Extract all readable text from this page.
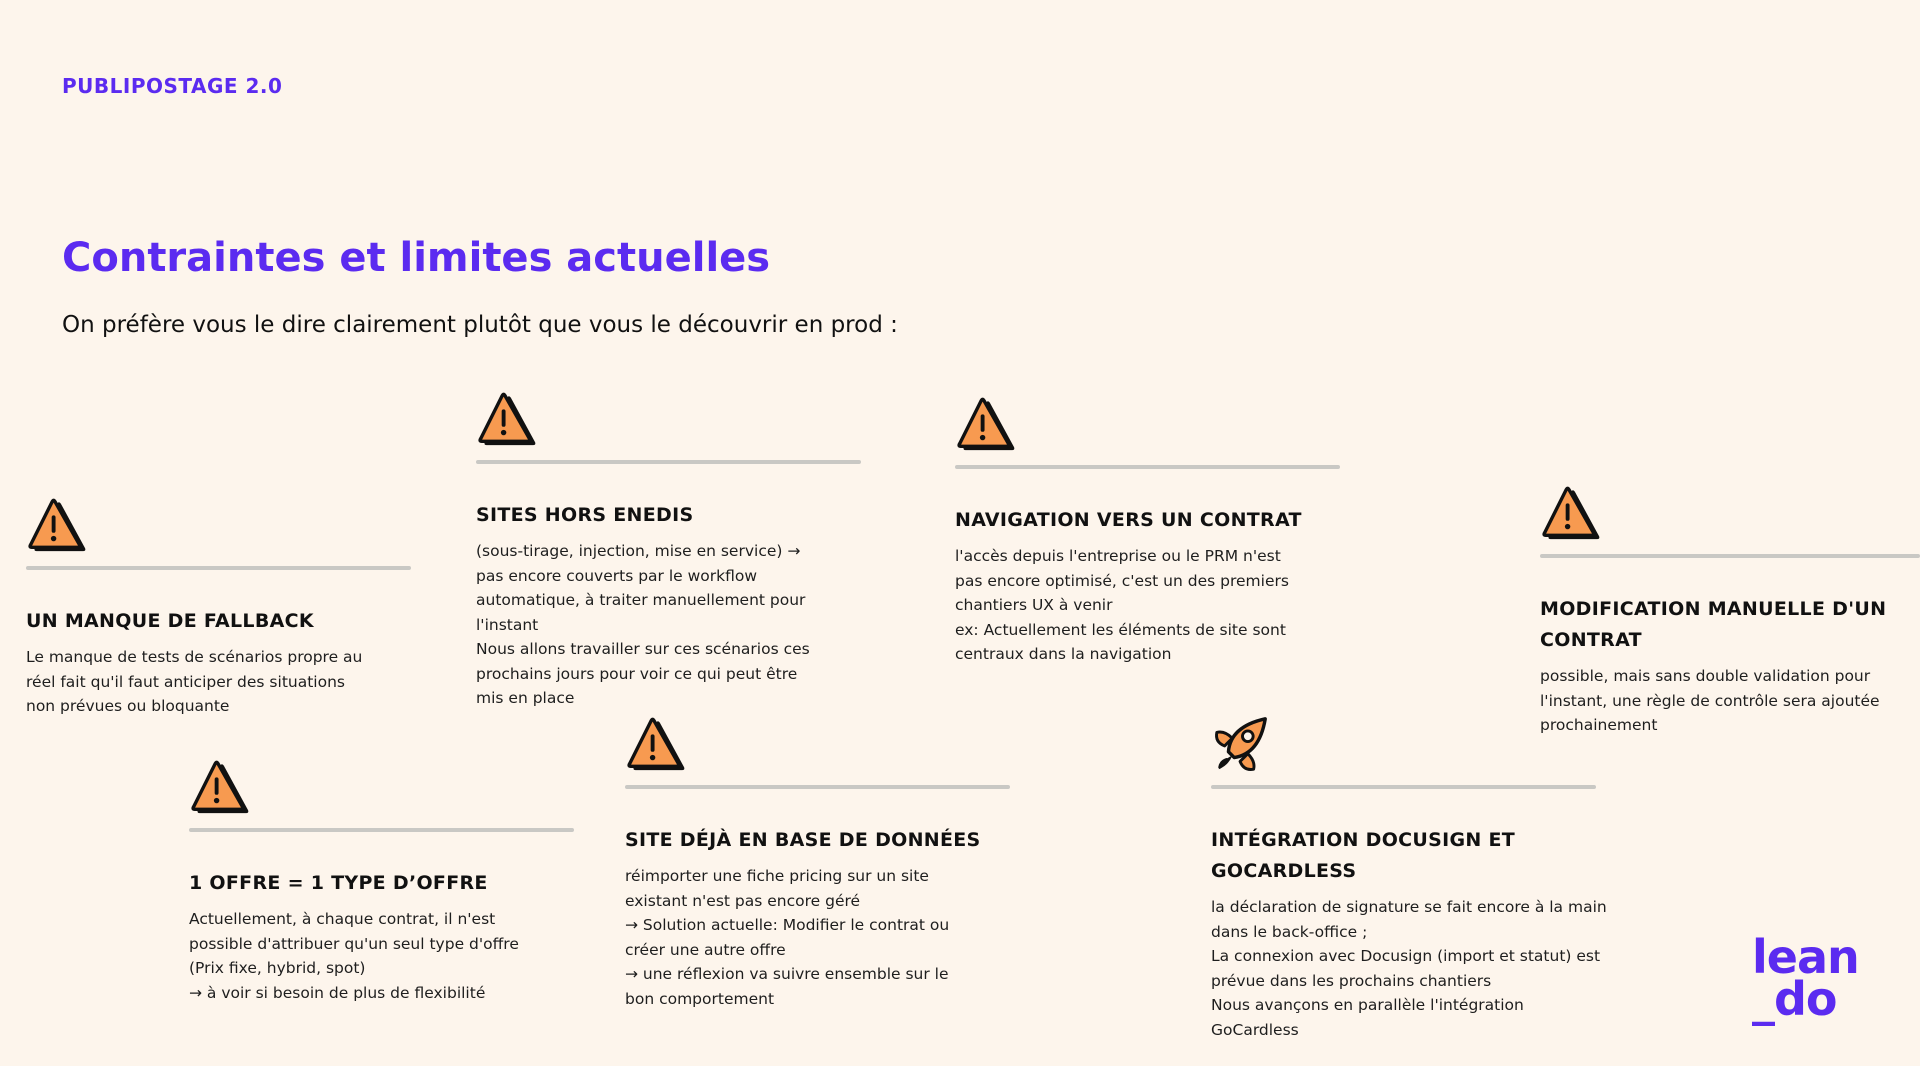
PUBLIPOSTAGE 2.0
Contraintes et limites actuelles
On préfère vous le dire clairement plutôt que vous le découvrir en prod :
UN MANQUE DE FALLBACK

Le manque de tests de scénarios propre au

réel fait qu'il faut anticiper des situations

non prévues ou bloquante

SITES HORS ENEDIS

(sous-tirage, injection, mise en service) →

pas encore couverts par le workflow

automatique, à traiter manuellement pour

l'instant

Nous allons travailler sur ces scénarios ces

prochains jours pour voir ce qui peut être

mis en place

NAVIGATION VERS UN CONTRAT

l'accès depuis l'entreprise ou le PRM n'est

pas encore optimisé, c'est un des premiers

chantiers UX à venir

ex: Actuellement les éléments de site sont

centraux dans la navigation

MODIFICATION MANUELLE D'UN CONTRAT

possible, mais sans double validation pour

l'instant, une règle de contrôle sera ajoutée

prochainement

1 OFFRE = 1 TYPE D’OFFRE

Actuellement, à chaque contrat, il n'est

possible d'attribuer qu'un seul type d'offre

(Prix fixe, hybrid, spot)

→ à voir si besoin de plus de flexibilité

SITE DÉJÀ EN BASE DE DONNÉES

réimporter une fiche pricing sur un site

existant n'est pas encore géré

→ Solution actuelle: Modifier le contrat ou

créer une autre offre

→ une réflexion va suivre ensemble sur le

bon comportement

INTÉGRATION DOCUSIGN ET GOCARDLESS

la déclaration de signature se fait encore à la main

dans le back-office ;

La connexion avec Docusign (import et statut) est

prévue dans les prochains chantiers

Nous avançons en parallèle l'intégration

GoCardless

lean
_do
